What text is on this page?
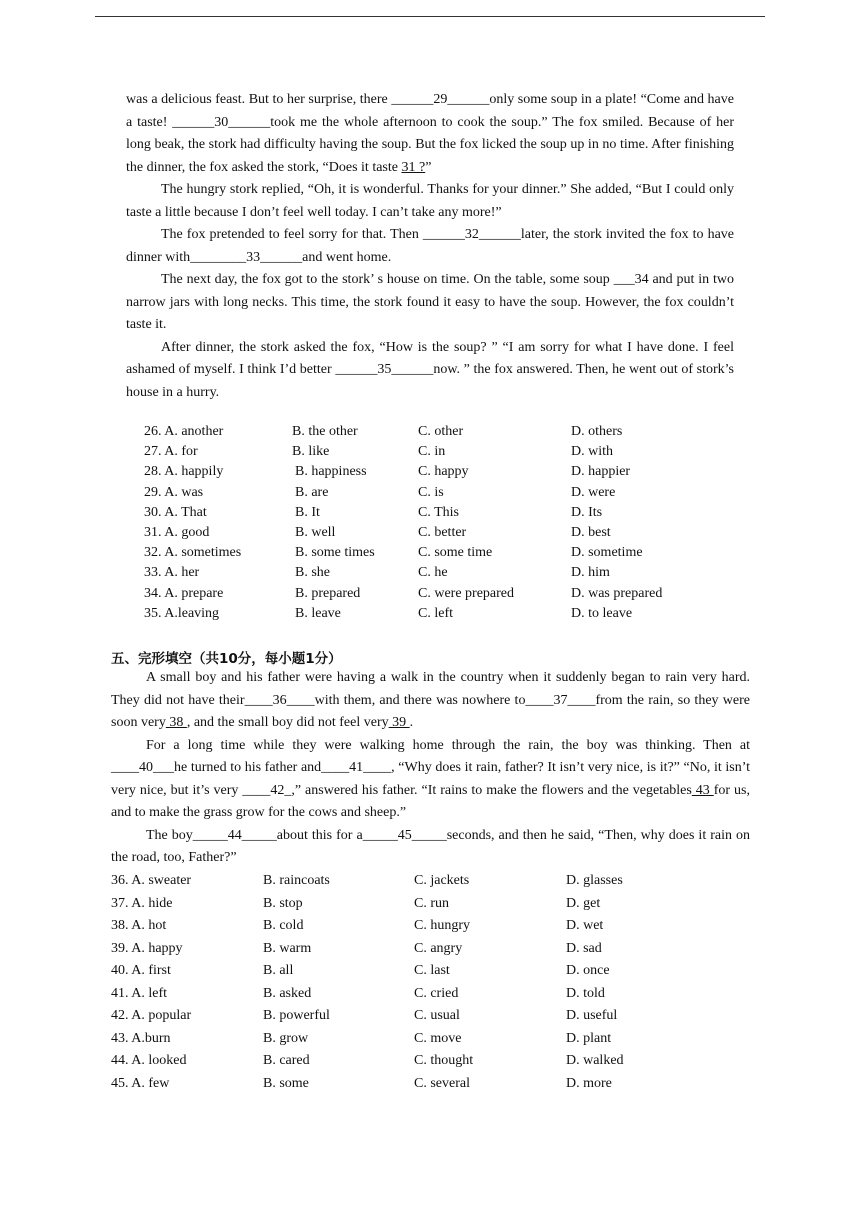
was a delicious feast. But to her surprise, there ______29______only some soup in a plate! “Come and have a taste! ______30______took me the whole afternoon to cook the soup.” The fox smiled. Because of her long beak, the stork had difficulty having the soup. But the fox licked the soup up in no time. After finishing the dinner, the fox asked the stork, “Does it taste 31 ?”
The hungry stork replied, “Oh, it is wonderful. Thanks for your dinner.” She added, “But I could only taste a little because I don’t feel well today. I can’t take any more!”
The fox pretended to feel sorry for that. Then ______32______later, the stork invited the fox to have dinner with________33______and went home.
The next day, the fox got to the stork’ s house on time. On the table, some soup ___34 and put in two narrow jars with long necks. This time, the stork found it easy to have the soup. However, the fox couldn’t taste it.
After dinner, the stork asked the fox, “How is the soup? ” “I am sorry for what I have done. I feel ashamed of myself. I think I’d better ______35______now. ” the fox answered. Then, he went out of stork’s house in a hurry.
26. A. another	B. the other	C. other	D. others
27. A. for	B. like	C. in	D. with
28. A. happily	B. happiness	C. happy	D. happier
29. A. was	B. are	C. is	D. were
30. A. That	B. It	C. This	D. Its
31. A. good	B. well	C. better	D. best
32. A. sometimes	B. some times	C. some time	D. sometime
33. A. her	B. she	C. he	D. him
34. A. prepare	B. prepared	C. were prepared	D. was prepared
35. A.leaving	B. leave	C. left	D. to leave
五、完形填空（共10分，每小题1分）
A small boy and his father were having a walk in the country when it suddenly began to rain very hard. They did not have their____36____with them, and there was nowhere to____37____from the rain, so they were soon very 38 , and the small boy did not feel very 39 .
For a long time while they were walking home through the rain, the boy was thinking. Then at ____40___he turned to his father and____41____, “Why does it rain, father? It isn’t very nice, is it?” “No, it isn’t very nice, but it’s very ____42_,” answered his father. “It rains to make the flowers and the vegetables 43 for us, and to make the grass grow for the cows and sheep.”
The boy_____44_____about this for a_____45_____seconds, and then he said, “Then, why does it rain on the road, too, Father?”
36. A. sweater	B. raincoats	C. jackets	D. glasses
37. A. hide	B. stop	C. run	D. get
38. A. hot	B. cold	C. hungry	D. wet
39. A. happy	B. warm	C. angry	D. sad
40. A. first	B. all	C. last	D. once
41. A. left	B. asked	C. cried	D. told
42. A. popular	B. powerful	C. usual	D. useful
43. A.burn	B. grow	C. move	D. plant
44. A. looked	B. cared	C. thought	D. walked
45. A. few	B. some	C. several	D. more
